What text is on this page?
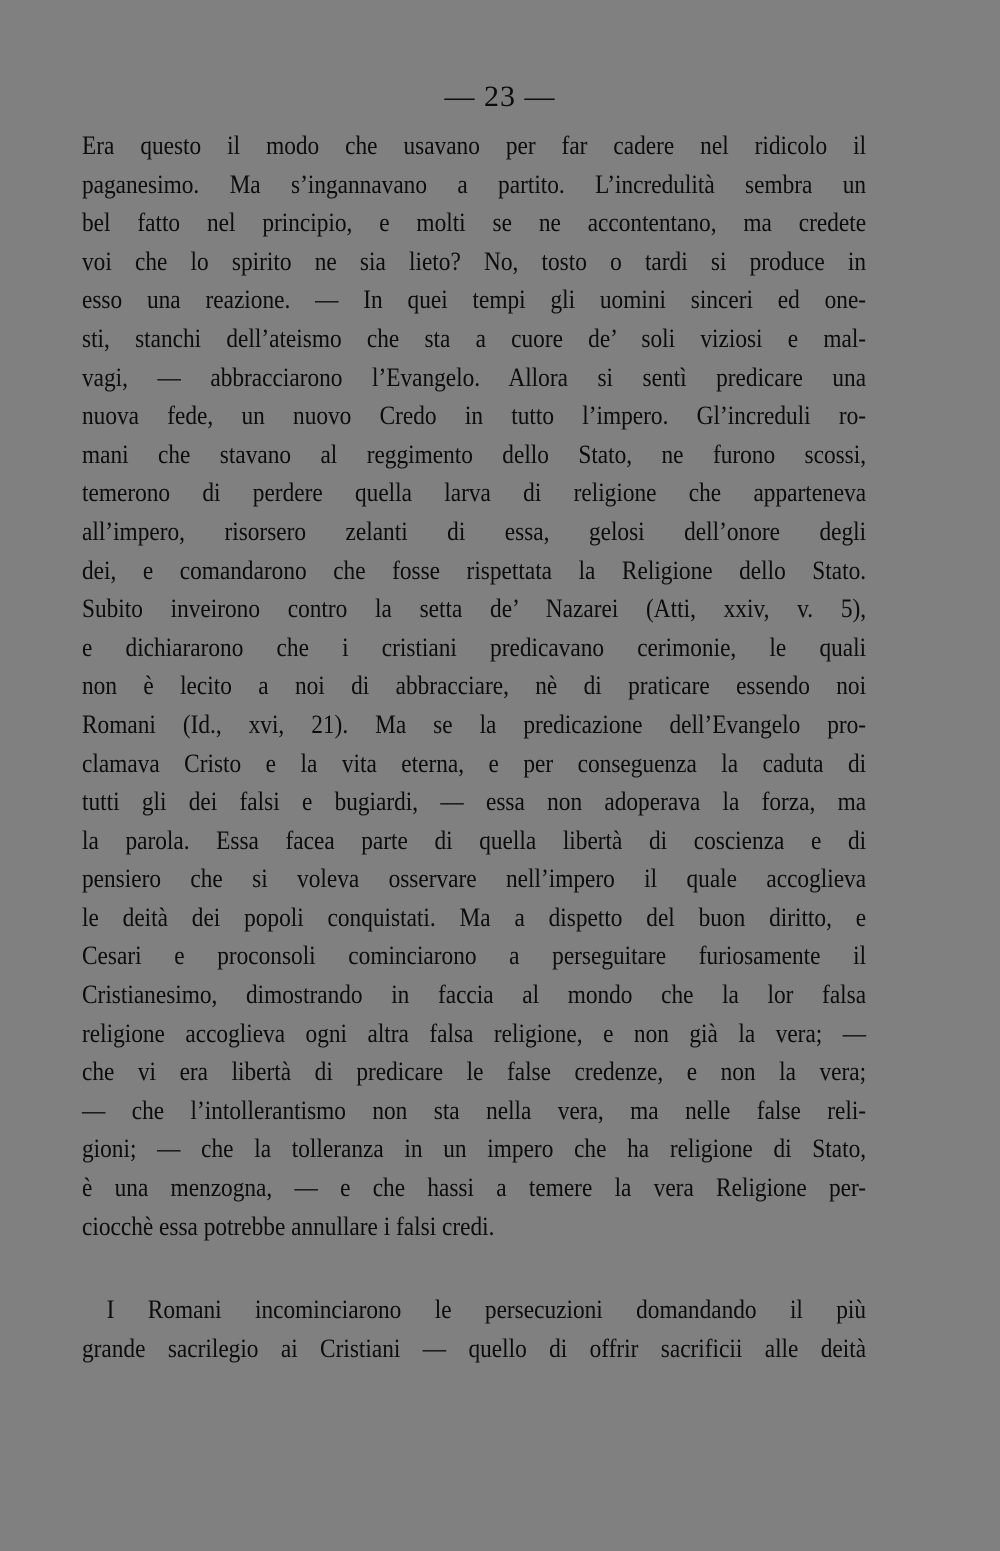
— 23 —
Era questo il modo che usavano per far cadere nel ridicolo il
paganesimo. Ma s’ingannavano a partito. L’incredulità sembra un
bel fatto nel principio, e molti se ne accontentano, ma credete
voi che lo spirito ne sia lieto? No, tosto o tardi si produce in
esso una reazione. — In quei tempi gli uomini sinceri ed one-
sti, stanchi dell’ateismo che sta a cuore de’ soli viziosi e mal-
vagi, — abbracciarono l’Evangelo. Allora si sentì predicare una
nuova fede, un nuovo Credo in tutto l’impero. Gl’increduli ro-
mani che stavano al reggimento dello Stato, ne furono scossi,
temerono di perdere quella larva di religione che apparteneva
all’impero, risorsero zelanti di essa, gelosi dell’onore degli
dei, e comandarono che fosse rispettata la Religione dello Stato.
Subito inveirono contro la setta de’ Nazarei (Atti, xxiv, v. 5),
e dichiararono che i cristiani predicavano cerimonie, le quali
non è lecito a noi di abbracciare, nè di praticare essendo noi
Romani (Id., xvi, 21). Ma se la predicazione dell’Evangelo pro-
clamava Cristo e la vita eterna, e per conseguenza la caduta di
tutti gli dei falsi e bugiardi, — essa non adoperava la forza, ma
la parola. Essa facea parte di quella libertà di coscienza e di
pensiero che si voleva osservare nell’impero il quale accoglieva
le deità dei popoli conquistati. Ma a dispetto del buon diritto, e
Cesari e proconsoli cominciarono a perseguitare furiosamente il
Cristianesimo, dimostrando in faccia al mondo che la lor falsa
religione accoglieva ogni altra falsa religione, e non già la vera; —
che vi era libertà di predicare le false credenze, e non la vera;
— che l’intollerantismo non sta nella vera, ma nelle false reli-
gioni; — che la tolleranza in un impero che ha religione di Stato,
è una menzogna, — e che hassi a temere la vera Religione per-
ciocchè essa potrebbe annullare i falsi credi.
I Romani incominciarono le persecuzioni domandando il più
grande sacrilegio ai Cristiani — quello di offrir sacrificii alle deità
